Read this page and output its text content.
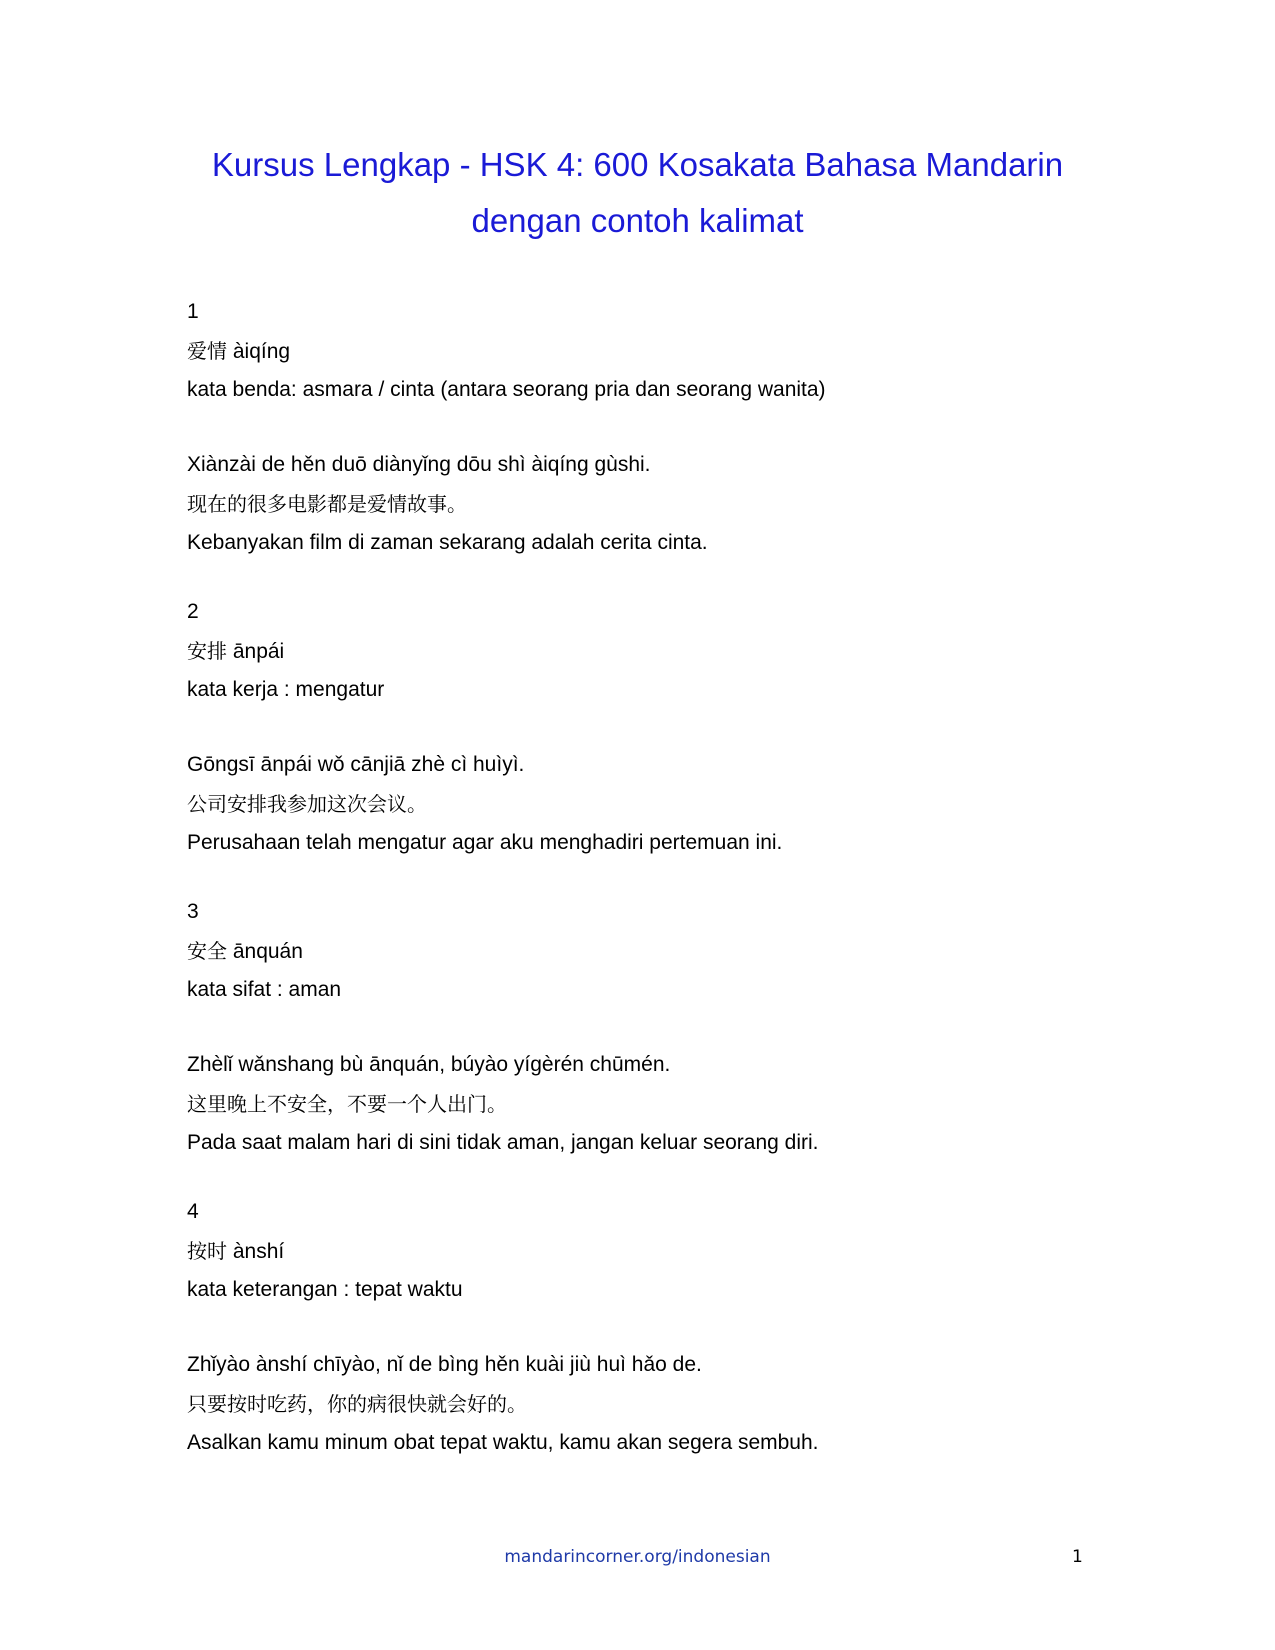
Kursus Lengkap - HSK 4: 600 Kosakata Bahasa Mandarin
dengan contoh kalimat
1
爱情 àiqíng
kata benda: asmara / cinta (antara seorang pria dan seorang wanita)
Xiànzài de hěn duō diànyǐng dōu shì àiqíng gùshi.
现在的很多电影都是爱情故事。
Kebanyakan film di zaman sekarang adalah cerita cinta.
2
安排 ānpái
kata kerja : mengatur
Gōngsī ānpái wǒ cānjiā zhè cì huìyì.
公司安排我参加这次会议。
Perusahaan telah mengatur agar aku menghadiri pertemuan ini.
3
安全 ānquán
kata sifat : aman
Zhèlǐ wǎnshang bù ānquán, búyào yígèrén chūmén.
这里晚上不安全，不要一个人出门。
Pada saat malam hari di sini tidak aman, jangan keluar seorang diri.
4
按时 ànshí
kata keterangan : tepat waktu
Zhǐyào ànshí chīyào, nǐ de bìng hěn kuài jiù huì hǎo de.
只要按时吃药，你的病很快就会好的。
Asalkan kamu minum obat tepat waktu, kamu akan segera sembuh.
mandarincorner.org/indonesian	1
